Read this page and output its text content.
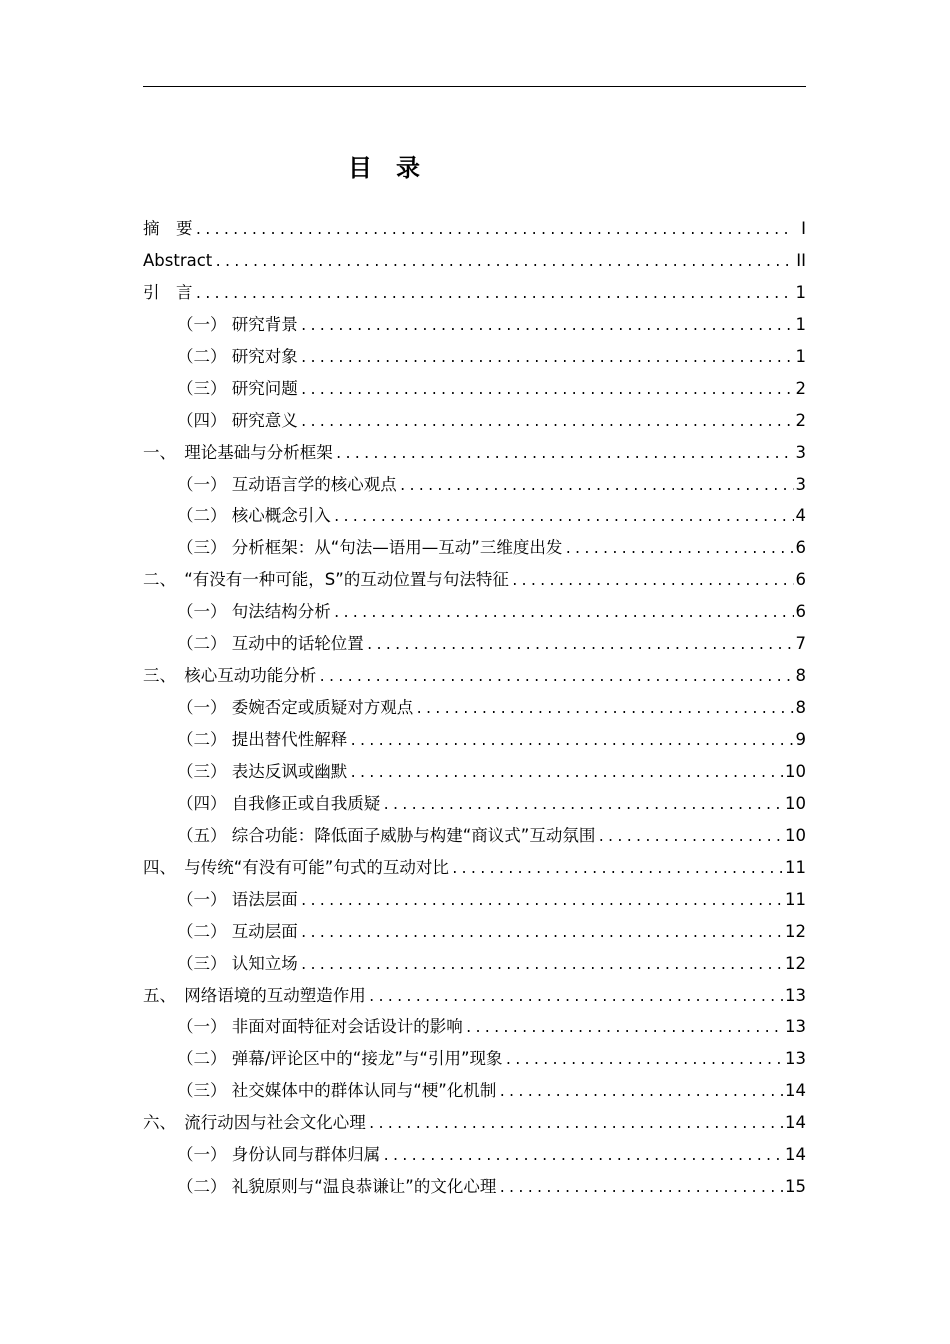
目 录
摘　要 .....	I
Abstract .....	II
引　言 .....	1
（一） 研究背景 .....	1
（二） 研究对象 .....	1
（三） 研究问题 .....	2
（四） 研究意义 .....	2
一、　理论基础与分析框架 .....	3
（一） 互动语言学的核心观点 .....	3
（二） 核心概念引入 .....	4
（三） 分析框架：从“句法—语用—互动”三维度出发 .....	6
二、　“有没有一种可能，S”的互动位置与句法特征 .....	6
（一） 句法结构分析 .....	6
（二） 互动中的话轮位置 .....	7
三、　核心互动功能分析 .....	8
（一） 委婉否定或质疑对方观点 .....	8
（二） 提出替代性解释 .....	9
（三） 表达反讽或幽默 .....	10
（四） 自我修正或自我质疑 .....	10
（五） 综合功能：降低面子威胁与构建“商议式”互动氛围 .....	10
四、　与传统“有没有可能”句式的互动对比 .....	11
（一） 语法层面 .....	11
（二） 互动层面 .....	12
（三） 认知立场 .....	12
五、　网络语境的互动塑造作用 .....	13
（一） 非面对面特征对会话设计的影响 .....	13
（二） 弹幕/评论区中的“接龙”与“引用”现象 .....	13
（三） 社交媒体中的群体认同与“梗”化机制 .....	14
六、　流行动因与社会文化心理 .....	14
（一） 身份认同与群体归属 .....	14
（二） 礼貌原则与“温良恭谦让”的文化心理 .....	15
